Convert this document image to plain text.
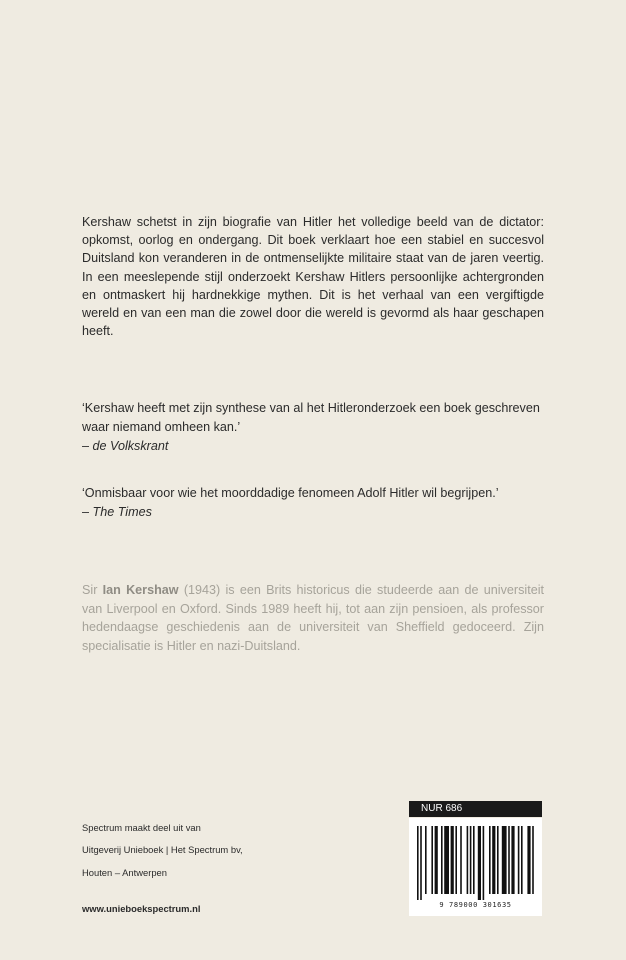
Kershaw schetst in zijn biografie van Hitler het volledige beeld van de dictator: opkomst, oorlog en ondergang. Dit boek verklaart hoe een stabiel en succesvol Duitsland kon veranderen in de ontmenselijkte militaire staat van de jaren veertig. In een meeslepende stijl onderzoekt Kershaw Hitlers persoonlijke achtergronden en ontmaskert hij hardnekkige mythen. Dit is het verhaal van een vergiftigde wereld en van een man die zowel door die wereld is gevormd als haar geschapen heeft.

‘Kershaw heeft met zijn synthese van al het Hitleronderzoek een boek geschreven waar niemand omheen kan.’

– de Volkskrant

‘Onmisbaar voor wie het moorddadige fenomeen Adolf Hitler wil begrijpen.’

– The Times

Sir Ian Kershaw (1943) is een Brits historicus die studeerde aan de universiteit van Liverpool en Oxford. Sinds 1989 heeft hij, tot aan zijn pensioen, als professor hedendaagse geschiedenis aan de universiteit van Sheffield gedoceerd. Zijn specialisatie is Hitler en nazi-Duitsland.

Spectrum maakt deel uit van

Uitgeverij Unieboek | Het Spectrum bv,

Houten – Antwerpen

www.unieboekspectrum.nl
NUR 686
9 789000 301635
